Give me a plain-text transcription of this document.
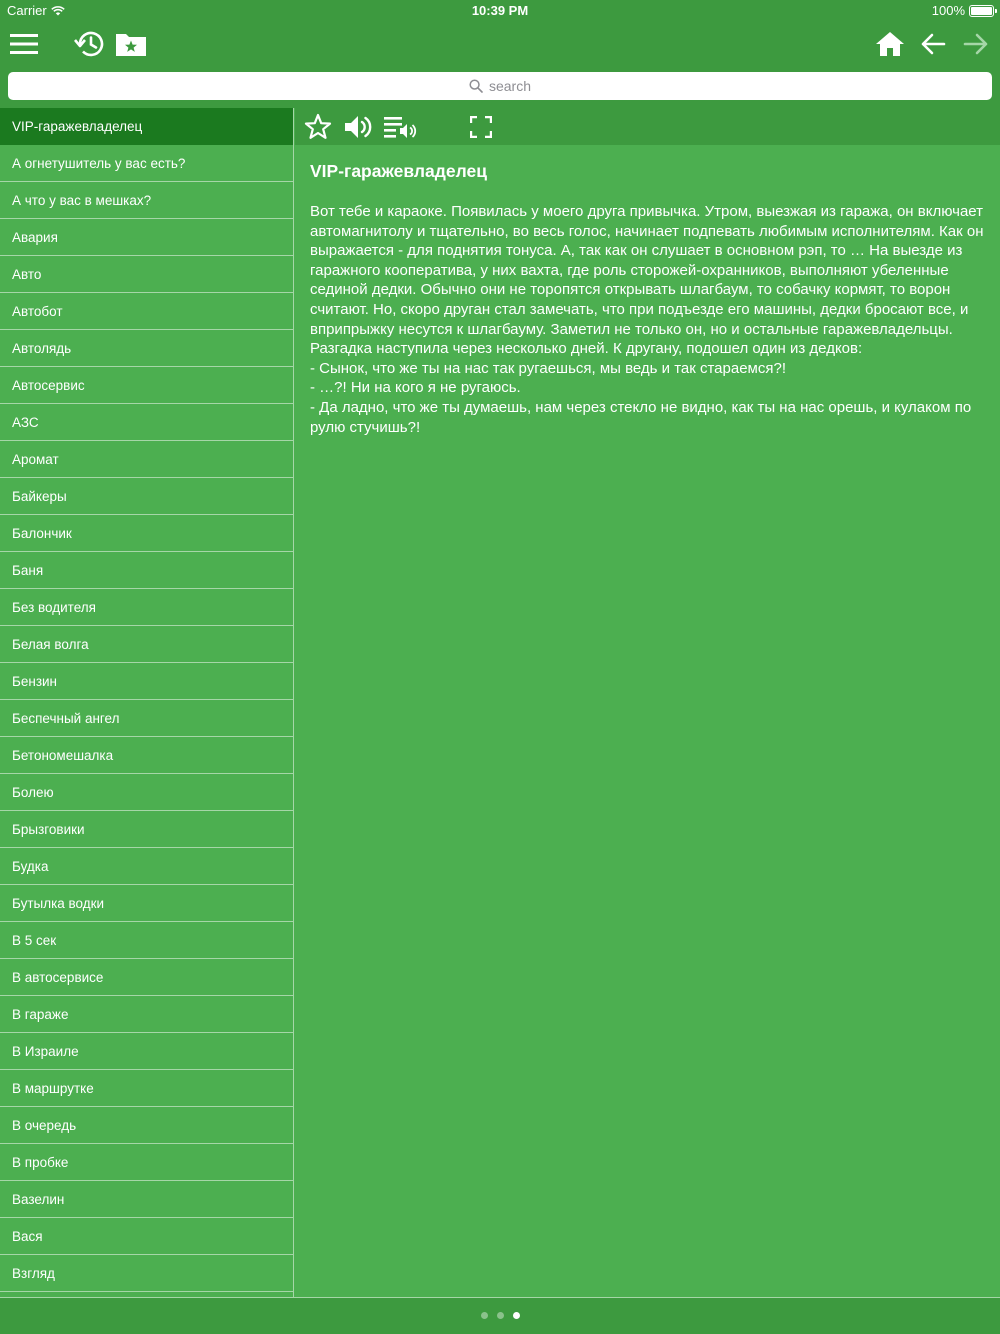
Carrier	10:39 PM	100%
search
VIP-гаражевладелец
А огнетушитель у вас есть?
А что у вас в мешках?
Авария
Авто
Автобот
Автолядь
Автосервис
АЗС
Аромат
Байкеры
Балончик
Баня
Без водителя
Белая волга
Бензин
Беспечный ангел
Бетономешалка
Болею
Брызговики
Будка
Бутылка водки
В 5 сек
В автосервисе
В гараже
В Израиле
В маршрутке
В очередь
В пробке
Вазелин
Вася
Взгляд
VIP-гаражевладелец
Вот тебе и караоке. Появилась у моего друга привычка. Утром, выезжая из гаража, он включает автомагнитолу и тщательно, во весь голос, начинает подпевать любимым исполнителям. Как он выражается - для поднятия тонуса. А, так как он слушает в основном рэп, то … На выезде из гаражного кооператива, у них вахта, где роль сторожей-охранников, выполняют убеленные сединой дедки. Обычно они не торопятся открывать шлагбаум, то собачку кормят, то ворон считают. Но, скоро друган стал замечать, что при подъезде его машины, дедки бросают все, и вприпрыжку несутся к шлагбауму. Заметил не только он, но и остальные гаражевладельцы. Разгадка наступила через несколько дней. К другану, подошел один из дедков:
- Сынок, что же ты на нас так ругаешься, мы ведь и так стараемся?!
- …?! Ни на кого я не ругаюсь.
- Да ладно, что же ты думаешь, нам через стекло не видно, как ты на нас орешь, и кулаком по рулю стучишь?!
